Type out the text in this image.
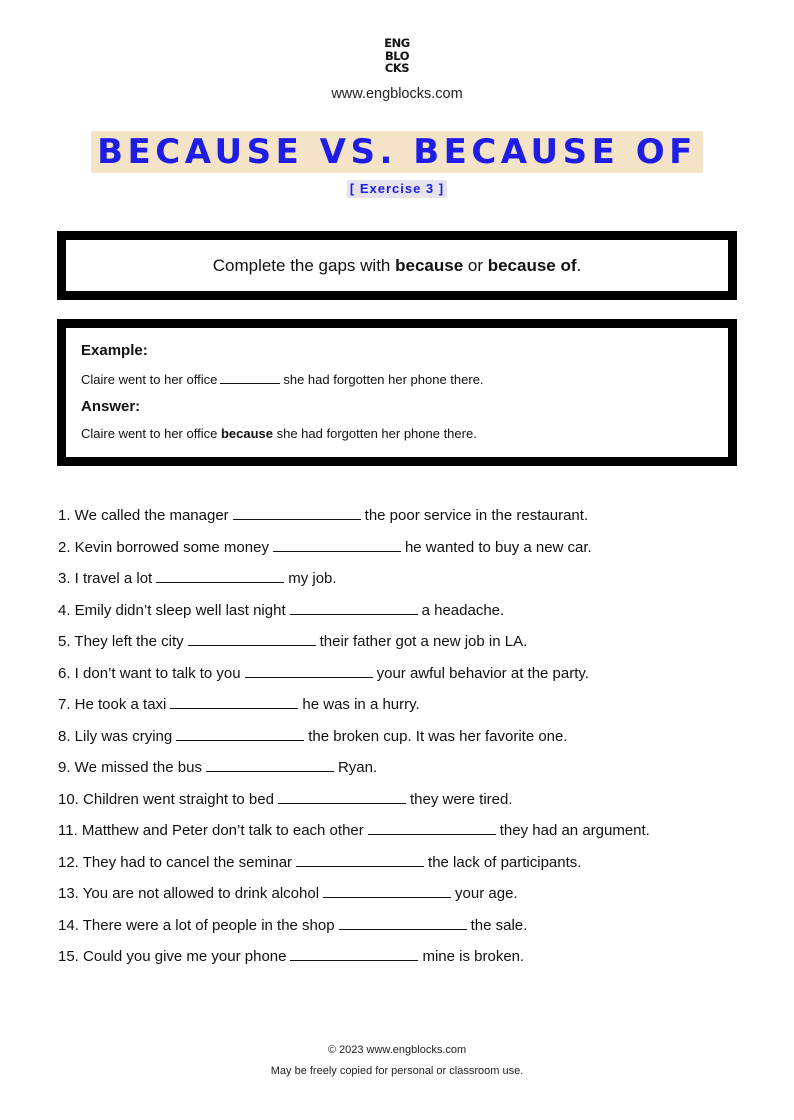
ENG
BLO
CKS
www.engblocks.com
BECAUSE VS. BECAUSE OF
[ Exercise 3 ]
Complete the gaps with because or because of.
Example:
Claire went to her office	she had forgotten her phone there.
Answer:
Claire went to her office because she had forgotten her phone there.
1. We called the manager	the poor service in the restaurant.
2. Kevin borrowed some money	he wanted to buy a new car.
3. I travel a lot	my job.
4. Emily didn’t sleep well last night	a headache.
5. They left the city	their father got a new job in LA.
6. I don’t want to talk to you	your awful behavior at the party.
7. He took a taxi	he was in a hurry.
8. Lily was crying	the broken cup. It was her favorite one.
9. We missed the bus	Ryan.
10. Children went straight to bed	they were tired.
11. Matthew and Peter don’t talk to each other	they had an argument.
12. They had to cancel the seminar	the lack of participants.
13. You are not allowed to drink alcohol	your age.
14. There were a lot of people in the shop	the sale.
15. Could you give me your phone	mine is broken.
© 2023 www.engblocks.com
May be freely copied for personal or classroom use.
